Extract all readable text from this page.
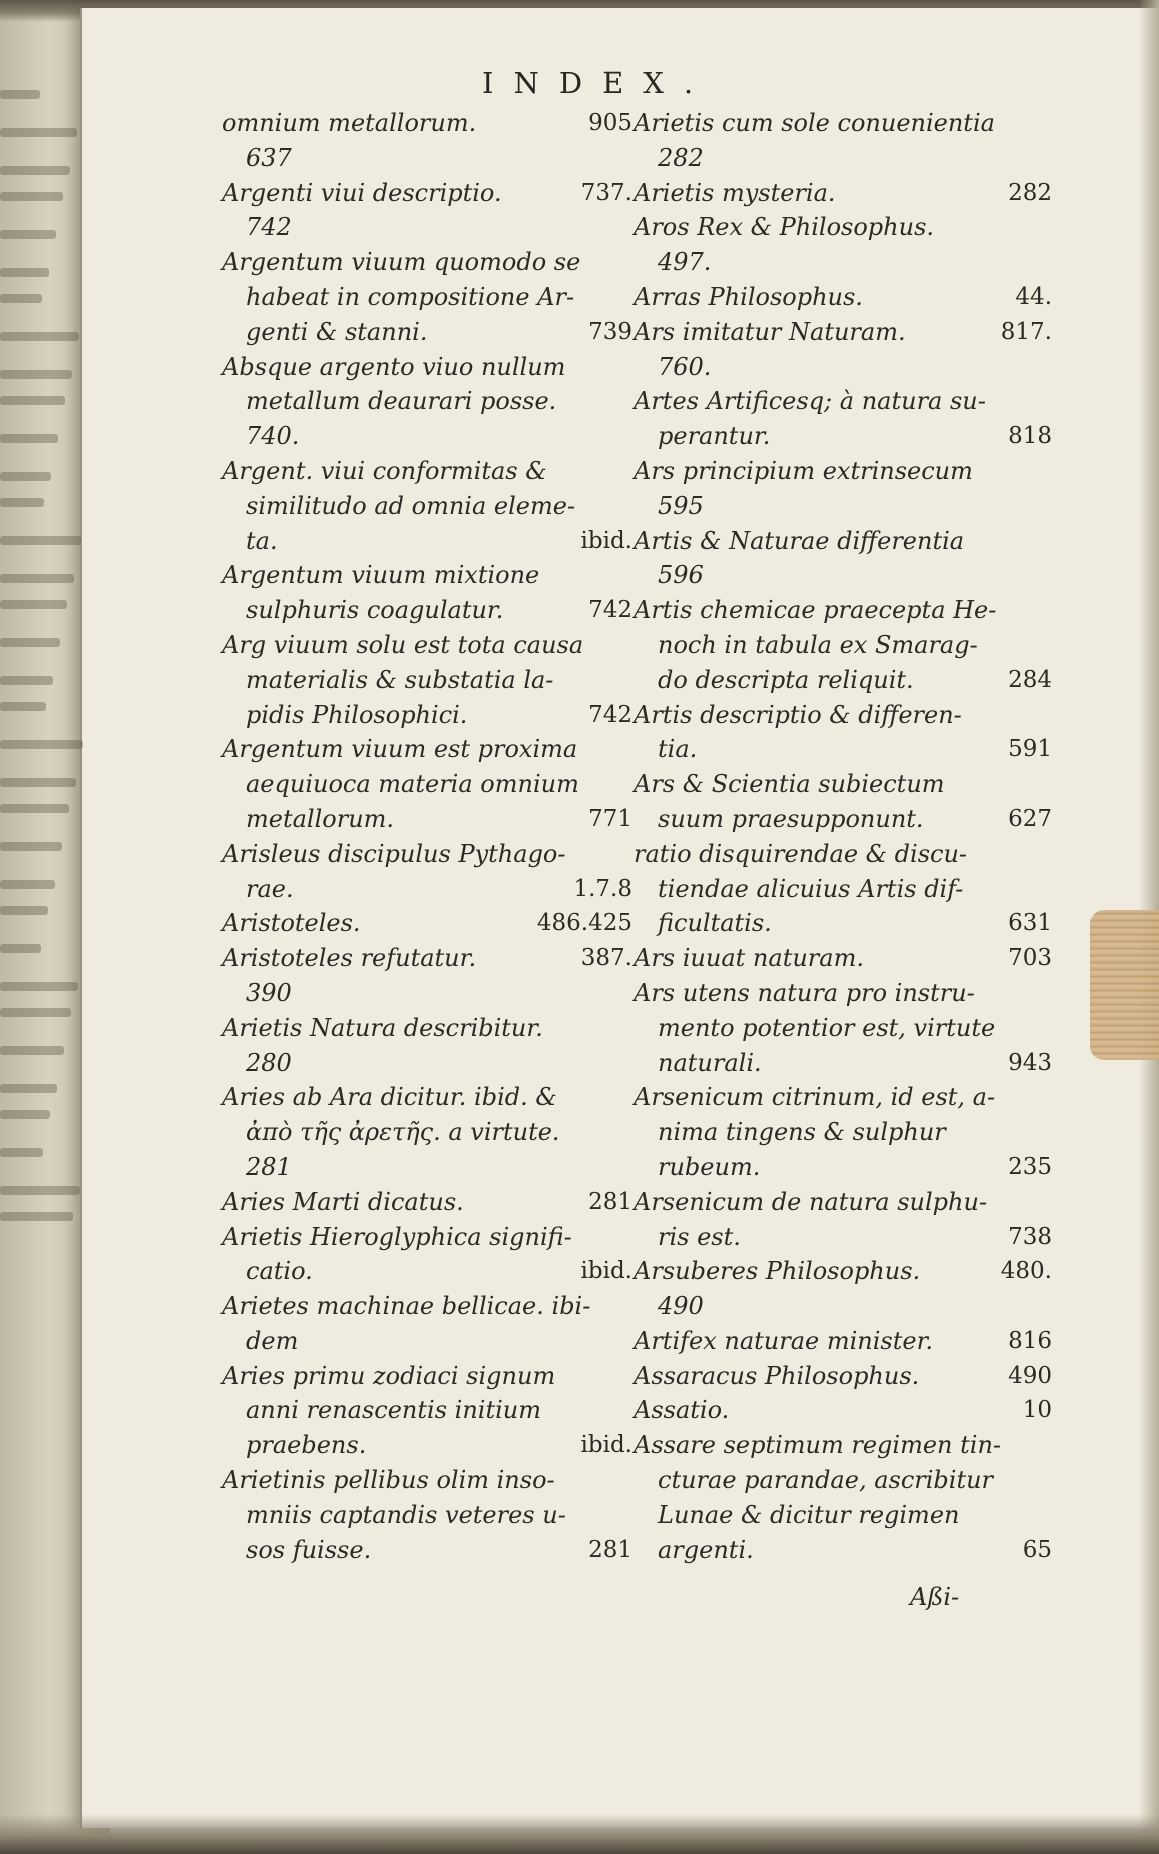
INDEX.
omnium metallorum.	905
637
Argenti viui descriptio.	737.
742
Argentum viuum quomodo se
habeat in compositione Ar-
genti & stanni.	739
Absque argento viuo nullum
metallum deaurari posse.
740.
Argent. viui conformitas &
similitudo ad omnia eleme-
ta.	ibid.
Argentum viuum mixtione
sulphuris coagulatur.	742
Arg viuum solu est tota causa
materialis & substatia la-
pidis Philosophici.	742
Argentum viuum est proxima
aequiuoca materia omnium
metallorum.	771
Arisleus discipulus Pythago-
rae.	1.7.8
Aristoteles.	486.425
Aristoteles refutatur.	387.
390
Arietis Natura describitur.
280
Aries ab Ara dicitur. ibid. &
ἀπὸ τῆς ἀρετῆς. a virtute.
281
Aries Marti dicatus.	281
Arietis Hieroglyphica signifi-
catio.	ibid.
Arietes machinae bellicae. ibi-
dem
Aries primu zodiaci signum
anni renascentis initium
praebens.	ibid.
Arietinis pellibus olim inso-
mniis captandis veteres u-
sos fuisse.	281
Arietis cum sole conuenientia
282
Arietis mysteria.	282
Aros Rex & Philosophus.
497.
Arras Philosophus.	44.
Ars imitatur Naturam.	817.
760.
Artes Artificesq; à natura su-
perantur.	818
Ars principium extrinsecum
595
Artis & Naturae differentia
596
Artis chemicae praecepta He-
noch in tabula ex Smarag-
do descripta reliquit.	284
Artis descriptio & differen-
tia.	591
Ars & Scientia subiectum
suum praesupponunt.	627
ratio disquirendae & discu-
tiendae alicuius Artis dif-
ficultatis.	631
Ars iuuat naturam.	703
Ars utens natura pro instru-
mento potentior est, virtute
naturali.	943
Arsenicum citrinum, id est, a-
nima tingens & sulphur
rubeum.	235
Arsenicum de natura sulphu-
ris est.	738
Arsuberes Philosophus.	480.
490
Artifex naturae minister.	816
Assaracus Philosophus.	490
Assatio.	10
Assare septimum regimen tin-
cturae parandae, ascribitur
Lunae & dicitur regimen
argenti.	65
Aßi-
